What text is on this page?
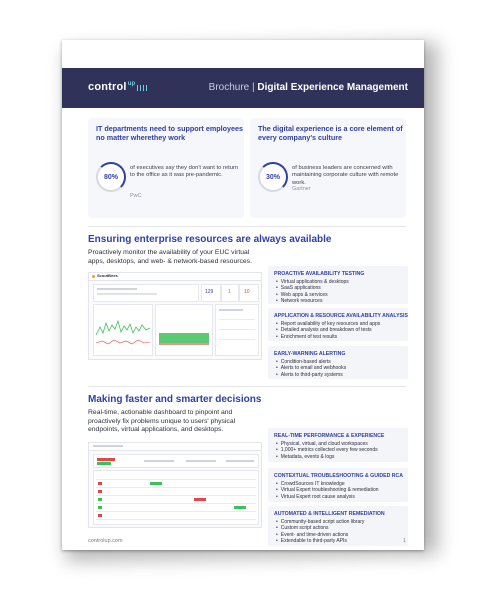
controlup	Brochure | Digital Experience Management
IT departments need to support employees no matter wherethey work
80%

of executives say they don't want to return to the office as it was pre-pandemic.

PwC
The digital experience is a core element of every company's culture
30%

of business leaders are concerned with maintaining corporate culture with remote work.

Gartner
Ensuring enterprise resources are always available

Proactively monitor the availability of your EUC virtual apps, desktops, and web- & network-based resources.

ScoutBees
129	1	10
PROACTIVE AVAILABILITY TESTING
• Virtual applications & desktops
• SaaS applications
• Web apps & services
• Network resources
APPLICATION & RESOURCE AVAILABILITY ANALYSIS
• Report availability of key resources and apps
• Detailed analysis and breakdown of tests
• Enrichment of test results
EARLY-WARNING ALERTING
• Condition-based alerts
• Alerts to email and webhooks
• Alerts to third-party systems
Making faster and smarter decisions

Real-time, actionable dashboard to pinpoint and proactively fix problems unique to users' physical endpoints, virtual applications, and desktops.

REAL-TIME PERFORMANCE & EXPERIENCE
• Physical, virtual, and cloud workspaces
• 1,000+ metrics collected every few seconds
• Metadata, events & logs
CONTEXTUAL TROUBLESHOOTING & GUIDED RCA
• CrowdSources IT knowledge
• Virtual Expert troubleshooting & remediation
• Virtual Expert root cause analysis
AUTOMATED & INTELLIGENT REMEDIATION
• Community-based script action library
• Custom script actions
• Event- and time-driven actions
• Extendable to third-party APIs
controlup.com	1
